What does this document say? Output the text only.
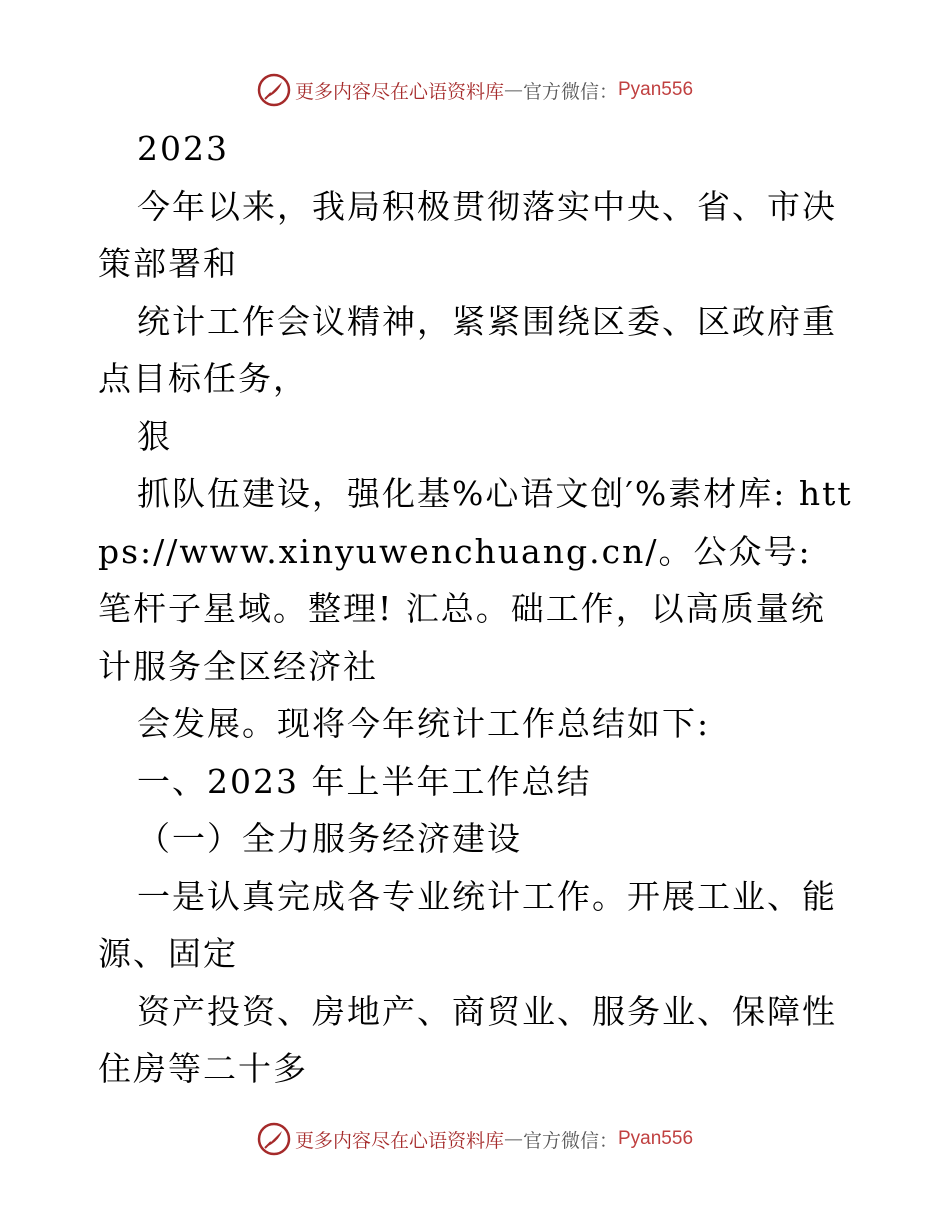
更多内容尽在心语资料库 — 官方微信： Pyan556

2023

今年以来，我局积极贯彻落实中央、省、市决策部署和

统计工作会议精神，紧紧围绕区委、区政府重点目标任务，

狠

抓队伍建设，强化基%心语文创′%素材库: https://www.xinyuwenchuang.cn/。公众号: 笔杆子星域。整理! 汇总。础工作，以高质量统计服务全区经济社

会发展。现将今年统计工作总结如下:

一、2023 年上半年工作总结

（一）全力服务经济建设

一是认真完成各专业统计工作。开展工业、能源、固定

资产投资、房地产、商贸业、服务业、保障性住房等二十多

更多内容尽在心语资料库 — 官方微信： Pyan556
